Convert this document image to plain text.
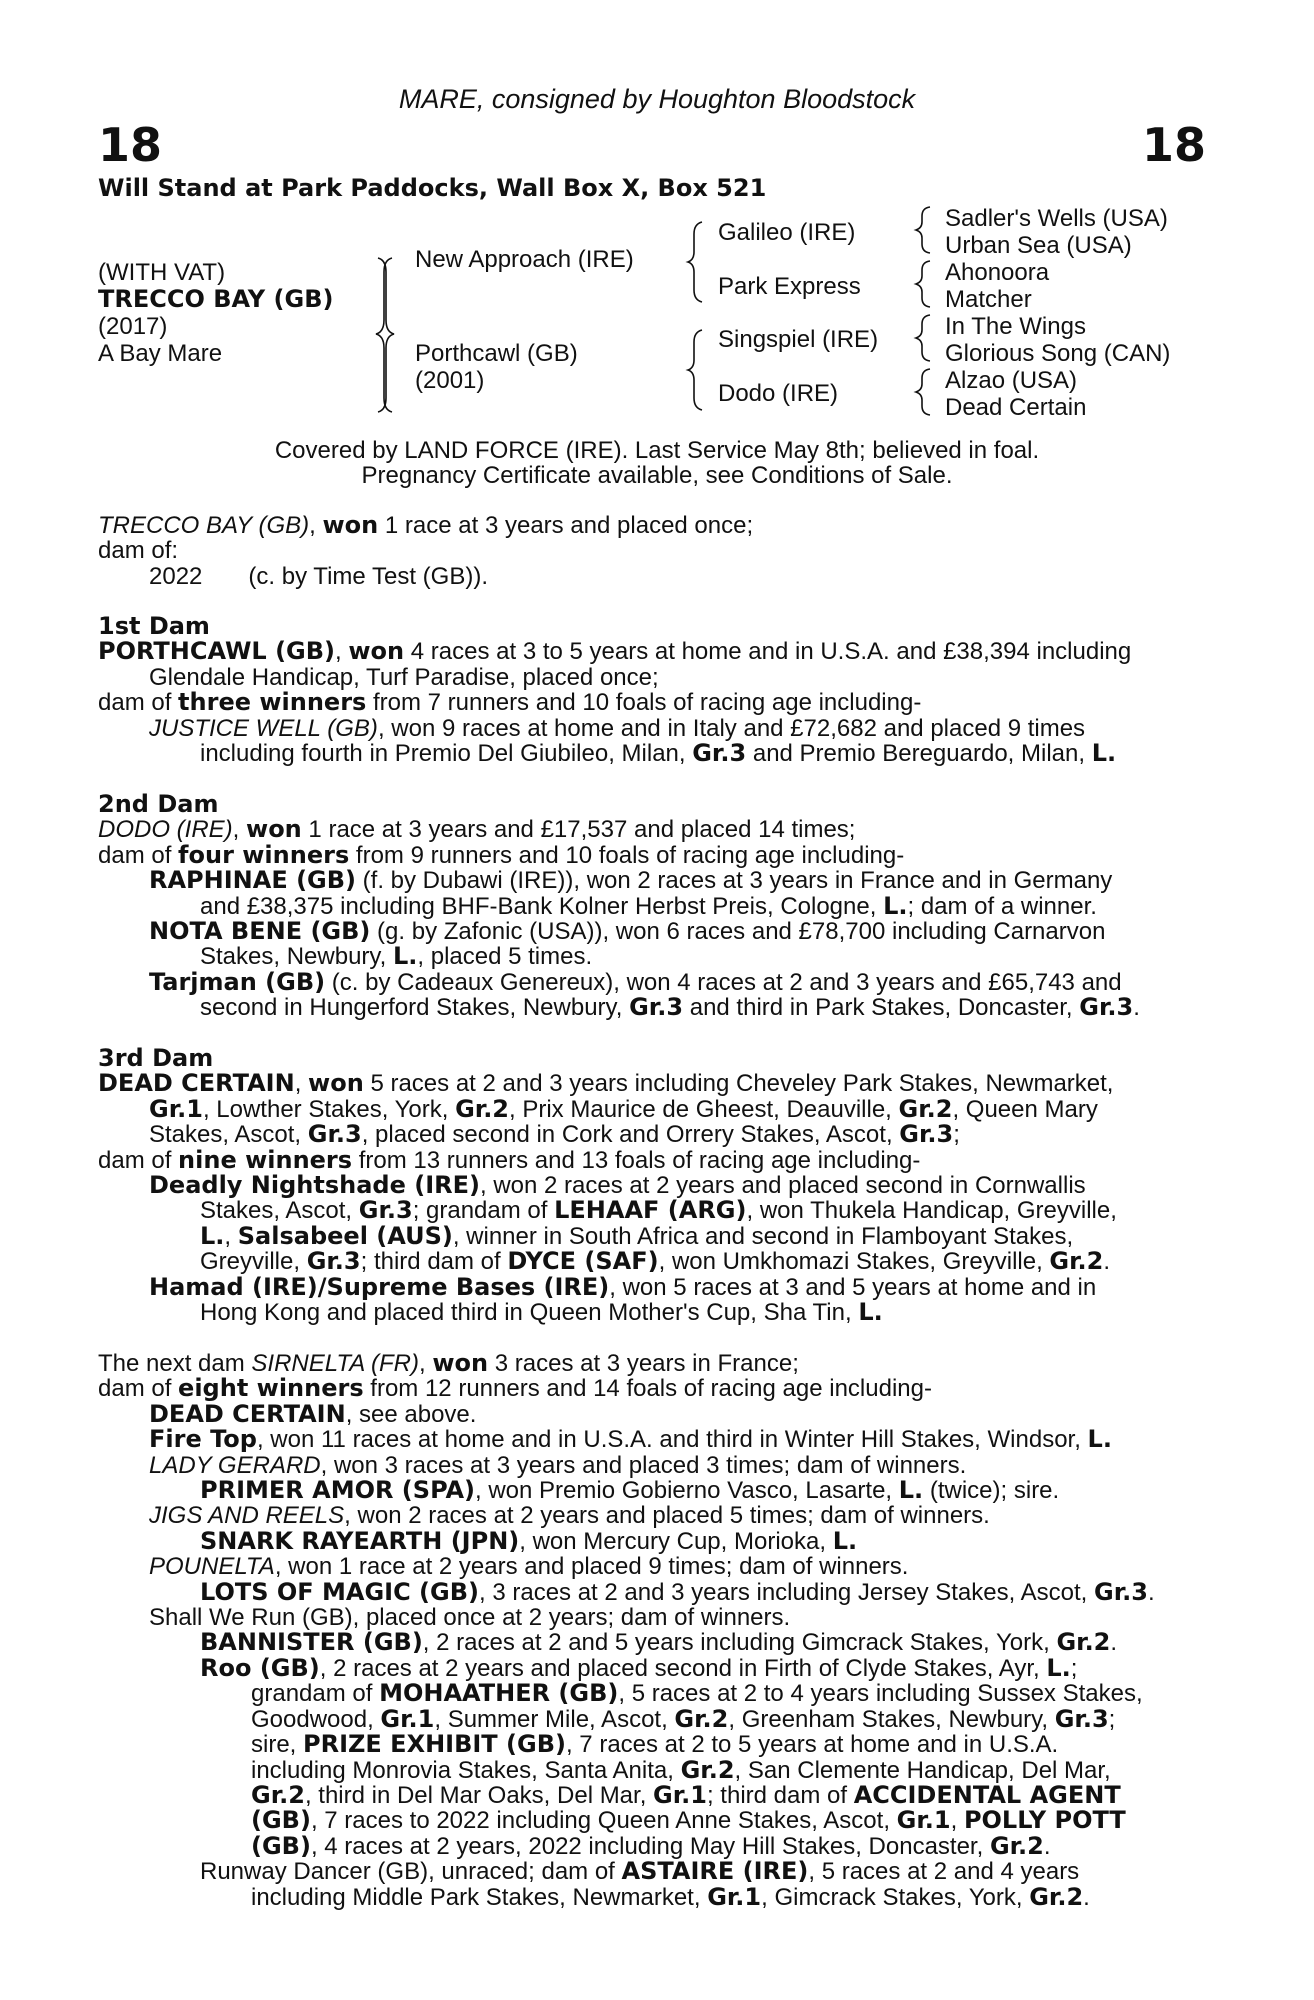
MARE, consigned by Houghton Bloodstock
18	18
Will Stand at Park Paddocks, Wall Box X, Box 521
(WITH VAT)
TRECCO BAY (GB)
(2017)
A Bay Mare
New Approach (IRE)
Porthcawl (GB)
(2001)
Galileo (IRE)
Park Express
Singspiel (IRE)
Dodo (IRE)
Sadler's Wells (USA)
Urban Sea (USA)
Ahonoora
Matcher
In The Wings
Glorious Song (CAN)
Alzao (USA)
Dead Certain
Covered by LAND FORCE (IRE). Last Service May 8th; believed in foal.
Pregnancy Certificate available, see Conditions of Sale.
TRECCO BAY (GB), won 1 race at 3 years and placed once;
dam of:
2022 (c. by Time Test (GB)).
1st Dam
PORTHCAWL (GB), won 4 races at 3 to 5 years at home and in U.S.A. and £38,394 including
Glendale Handicap, Turf Paradise, placed once;
dam of three winners from 7 runners and 10 foals of racing age including-
JUSTICE WELL (GB), won 9 races at home and in Italy and £72,682 and placed 9 times
including fourth in Premio Del Giubileo, Milan, Gr.3 and Premio Bereguardo, Milan, L.
2nd Dam
DODO (IRE), won 1 race at 3 years and £17,537 and placed 14 times;
dam of four winners from 9 runners and 10 foals of racing age including-
RAPHINAE (GB) (f. by Dubawi (IRE)), won 2 races at 3 years in France and in Germany
and £38,375 including BHF-Bank Kolner Herbst Preis, Cologne, L.; dam of a winner.
NOTA BENE (GB) (g. by Zafonic (USA)), won 6 races and £78,700 including Carnarvon
Stakes, Newbury, L., placed 5 times.
Tarjman (GB) (c. by Cadeaux Genereux), won 4 races at 2 and 3 years and £65,743 and
second in Hungerford Stakes, Newbury, Gr.3 and third in Park Stakes, Doncaster, Gr.3.
3rd Dam
DEAD CERTAIN, won 5 races at 2 and 3 years including Cheveley Park Stakes, Newmarket,
Gr.1, Lowther Stakes, York, Gr.2, Prix Maurice de Gheest, Deauville, Gr.2, Queen Mary
Stakes, Ascot, Gr.3, placed second in Cork and Orrery Stakes, Ascot, Gr.3;
dam of nine winners from 13 runners and 13 foals of racing age including-
Deadly Nightshade (IRE), won 2 races at 2 years and placed second in Cornwallis
Stakes, Ascot, Gr.3; grandam of LEHAAF (ARG), won Thukela Handicap, Greyville,
L., Salsabeel (AUS), winner in South Africa and second in Flamboyant Stakes,
Greyville, Gr.3; third dam of DYCE (SAF), won Umkhomazi Stakes, Greyville, Gr.2.
Hamad (IRE)/Supreme Bases (IRE), won 5 races at 3 and 5 years at home and in
Hong Kong and placed third in Queen Mother's Cup, Sha Tin, L.
The next dam SIRNELTA (FR), won 3 races at 3 years in France;
dam of eight winners from 12 runners and 14 foals of racing age including-
DEAD CERTAIN, see above.
Fire Top, won 11 races at home and in U.S.A. and third in Winter Hill Stakes, Windsor, L.
LADY GERARD, won 3 races at 3 years and placed 3 times; dam of winners.
PRIMER AMOR (SPA), won Premio Gobierno Vasco, Lasarte, L. (twice); sire.
JIGS AND REELS, won 2 races at 2 years and placed 5 times; dam of winners.
SNARK RAYEARTH (JPN), won Mercury Cup, Morioka, L.
POUNELTA, won 1 race at 2 years and placed 9 times; dam of winners.
LOTS OF MAGIC (GB), 3 races at 2 and 3 years including Jersey Stakes, Ascot, Gr.3.
Shall We Run (GB), placed once at 2 years; dam of winners.
BANNISTER (GB), 2 races at 2 and 5 years including Gimcrack Stakes, York, Gr.2.
Roo (GB), 2 races at 2 years and placed second in Firth of Clyde Stakes, Ayr, L.;
grandam of MOHAATHER (GB), 5 races at 2 to 4 years including Sussex Stakes,
Goodwood, Gr.1, Summer Mile, Ascot, Gr.2, Greenham Stakes, Newbury, Gr.3;
sire, PRIZE EXHIBIT (GB), 7 races at 2 to 5 years at home and in U.S.A.
including Monrovia Stakes, Santa Anita, Gr.2, San Clemente Handicap, Del Mar,
Gr.2, third in Del Mar Oaks, Del Mar, Gr.1; third dam of ACCIDENTAL AGENT
(GB), 7 races to 2022 including Queen Anne Stakes, Ascot, Gr.1, POLLY POTT
(GB), 4 races at 2 years, 2022 including May Hill Stakes, Doncaster, Gr.2.
Runway Dancer (GB), unraced; dam of ASTAIRE (IRE), 5 races at 2 and 4 years
including Middle Park Stakes, Newmarket, Gr.1, Gimcrack Stakes, York, Gr.2.
